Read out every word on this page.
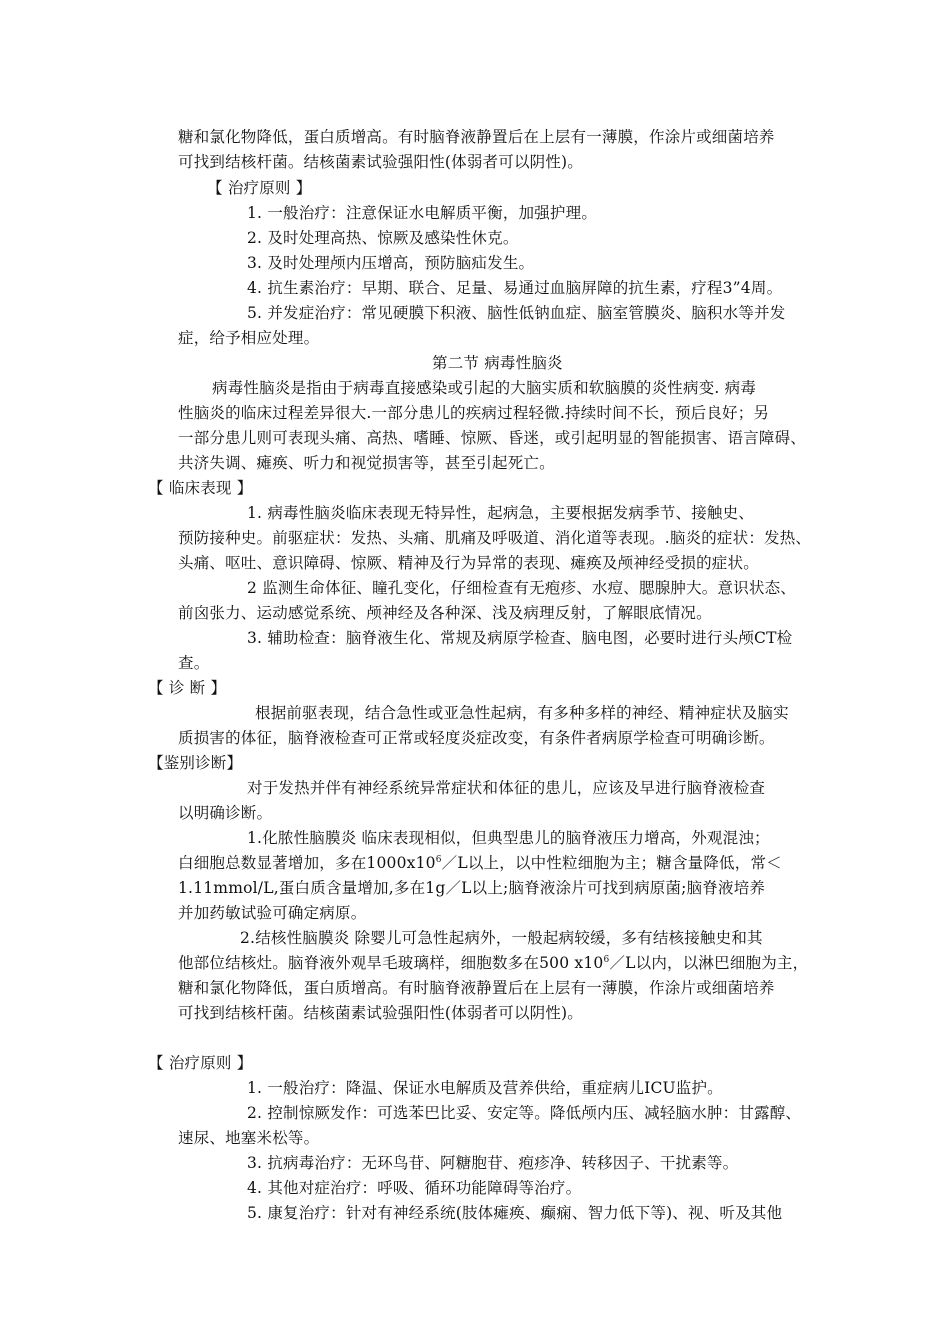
糖和氯化物降低，蛋白质增高。有时脑脊液静置后在上层有一薄膜，作涂片或细菌培养
可找到结核杆菌。结核菌素试验强阳性(体弱者可以阴性)。
【 治疗原则 】
1. 一般治疗：注意保证水电解质平衡，加强护理。
2. 及时处理高热、惊厥及感染性休克。
3. 及时处理颅内压增高，预防脑疝发生。
4. 抗生素治疗：早期、联合、足量、易通过血脑屏障的抗生素，疗程3”4周。
5. 并发症治疗：常见硬膜下积液、脑性低钠血症、脑室管膜炎、脑积水等并发
症，给予相应处理。
第二节 病毒性脑炎
病毒性脑炎是指由于病毒直接感染或引起的大脑实质和软脑膜的炎性病变. 病毒
性脑炎的临床过程差异很大.一部分患儿的疾病过程轻微.持续时间不长，预后良好；另
一部分患儿则可表现头痛、高热、嗜睡、惊厥、昏迷，或引起明显的智能损害、语言障碍、
共济失调、瘫痪、听力和视觉损害等，甚至引起死亡。
【 临床表现 】
1. 病毒性脑炎临床表现无特异性，起病急，主要根据发病季节、接触史、
预防接种史。前驱症状：发热、头痛、肌痛及呼吸道、消化道等表现。.脑炎的症状：发热、
头痛、呕吐、意识障碍、惊厥、精神及行为异常的表现、瘫痪及颅神经受损的症状。
2 监测生命体征、瞳孔变化，仔细检查有无疱疹、水痘、腮腺肿大。意识状态、
前囟张力、运动感觉系统、颅神经及各种深、浅及病理反射，了解眼底情况。
3. 辅助检查：脑脊液生化、常规及病原学检查、脑电图，必要时进行头颅CT检
查。
【 诊 断 】
根据前驱表现，结合急性或亚急性起病，有多种多样的神经、精神症状及脑实
质损害的体征，脑脊液检查可正常或轻度炎症改变，有条件者病原学检查可明确诊断。
【鉴别诊断】
对于发热并伴有神经系统异常症状和体征的患儿，应该及早进行脑脊液检查
以明确诊断。
1.化脓性脑膜炎 临床表现相似，但典型患儿的脑脊液压力增高，外观混浊；
白细胞总数显著增加，多在$1000x10^6/L$以上，以中性粒细胞为主；糖含量降低，常＜
1.11mmol/L,蛋白质含量增加,多在1g／L以上;脑脊液涂片可找到病原菌;脑脊液培养
并加药敏试验可确定病原。
2.结核性脑膜炎 除婴儿可急性起病外，一般起病较缓，多有结核接触史和其
他部位结核灶。脑脊液外观旱毛玻璃样，细胞数多在500 $x10^6/L$以内，以淋巴细胞为主，
糖和氯化物降低，蛋白质增高。有时脑脊液静置后在上层有一薄膜，作涂片或细菌培养
可找到结核杆菌。结核菌素试验强阳性(体弱者可以阴性)。
【 治疗原则 】
1. 一般治疗：降温、保证水电解质及营养供给，重症病儿ICU监护。
2. 控制惊厥发作：可选苯巴比妥、安定等。降低颅内压、减轻脑水肿：甘露醇、
速尿、地塞米松等。
3. 抗病毒治疗：无环鸟苷、阿糖胞苷、疱疹净、转移因子、干扰素等。
4. 其他对症治疗：呼吸、循环功能障碍等治疗。
5. 康复治疗：针对有神经系统(肢体瘫痪、癫痫、智力低下等)、视、听及其他
